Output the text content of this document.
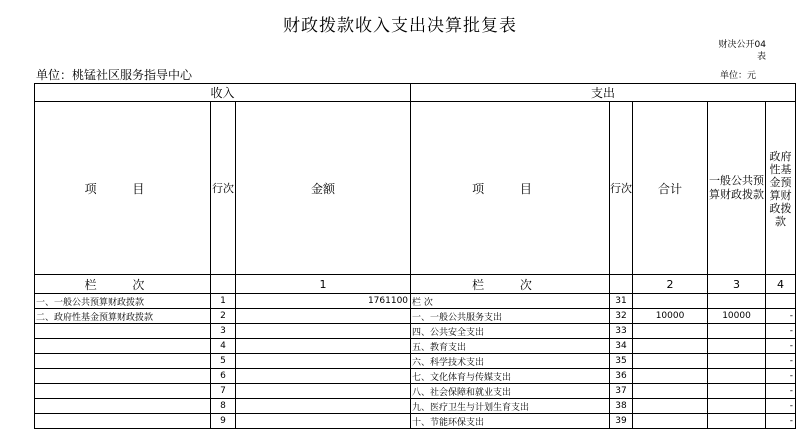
财政拨款收入支出决算批复表
财决公开04
表
单位：桃锰社区服务指导中心	单位：元
收入			支出				
项 目	行次	金额	项 目	行次	合计	一般公共预算财政拨款	政府性基金预算财政拨款
栏 次		1	栏 次		2	3	4
一、一般公共预算财政拨款	1	1761100	栏 次	31			
二、政府性基金预算财政拨款	2		一、一般公共服务支出	32	10000	10000	-
	3		四、公共安全支出	33			-
	4		五、教育支出	34			-
	5		六、科学技术支出	35			-
	6		七、文化体育与传媒支出	36			-
	7		八、社会保障和就业支出	37			-
	8		九、医疗卫生与计划生育支出	38			-
	9		十、节能环保支出	39			-
